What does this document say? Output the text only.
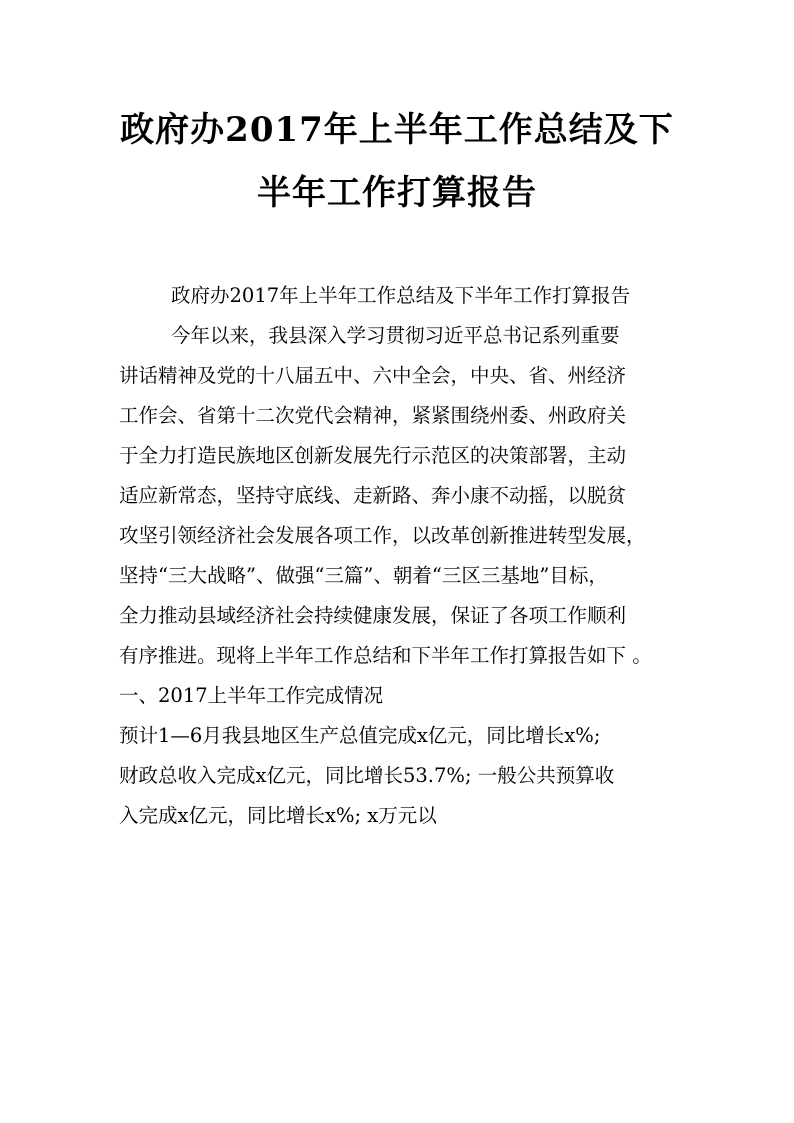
政府办2017年上半年工作总结及下
半年工作打算报告
政府办2017年上半年工作总结及下半年工作打算报告
今年以来，我县深入学习贯彻习近平总书记系列重要
讲话精神及党的十八届五中、六中全会，中央、省、州经济
工作会、省第十二次党代会精神，紧紧围绕州委、州政府关
于全力打造民族地区创新发展先行示范区的决策部署，主动
适应新常态，坚持守底线、走新路、奔小康不动摇，以脱贫
攻坚引领经济社会发展各项工作，以改革创新推进转型发展，
坚持“三大战略”、做强“三篇”、朝着“三区三基地”目标，
全力推动县域经济社会持续健康发展，保证了各项工作顺利
有序推进。现将上半年工作总结和下半年工作打算报告如下 。
一、2017上半年工作完成情况
预计1—6月我县地区生产总值完成x亿元，同比增长x%;
财政总收入完成x亿元，同比增长53.7%; 一般公共预算收
入完成x亿元，同比增长x%; x万元以
